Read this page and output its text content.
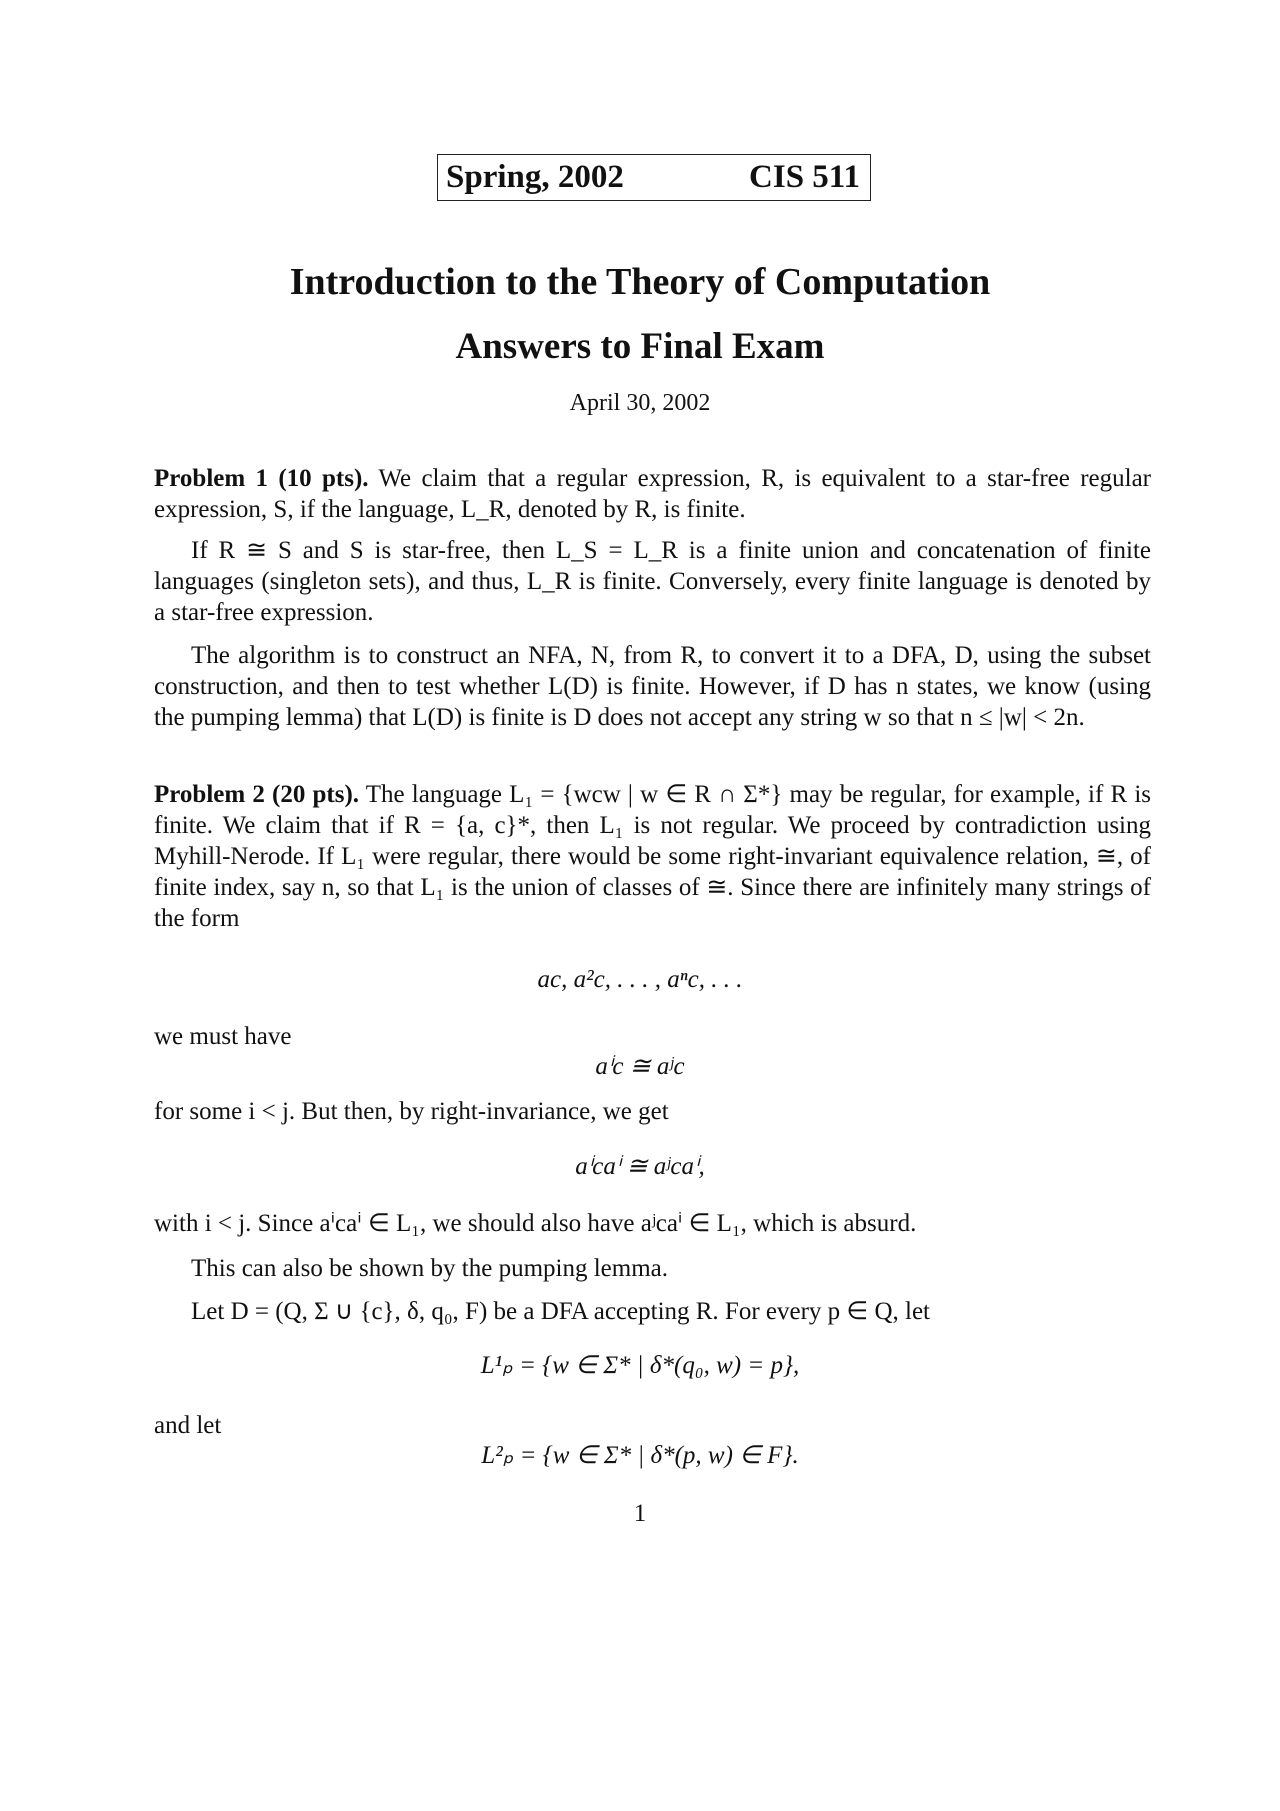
Spring, 2002	CIS 511
Introduction to the Theory of Computation
Answers to Final Exam
April 30, 2002

Problem 1 (10 pts). We claim that a regular expression, R, is equivalent to a star-free regular expression, S, if the language, L_R, denoted by R, is finite.

If R ≅ S and S is star-free, then L_S = L_R is a finite union and concatenation of finite languages (singleton sets), and thus, L_R is finite. Conversely, every finite language is denoted by a star-free expression.

The algorithm is to construct an NFA, N, from R, to convert it to a DFA, D, using the subset construction, and then to test whether L(D) is finite. However, if D has n states, we know (using the pumping lemma) that L(D) is finite is D does not accept any string w so that n ≤ |w| < 2n.

Problem 2 (20 pts). The language L₁ = {wcw | w ∈ R ∩ Σ*} may be regular, for example, if R is finite. We claim that if R = {a, c}*, then L₁ is not regular. We proceed by contradiction using Myhill-Nerode. If L₁ were regular, there would be some right-invariant equivalence relation, ≅, of finite index, say n, so that L₁ is the union of classes of ≅. Since there are infinitely many strings of the form

ac, a²c, . . . , aⁿc, . . .
we must have
aⁱc ≅ aʲc
for some i < j. But then, by right-invariance, we get
aⁱcaⁱ ≅ aʲcaⁱ,
with i < j. Since aⁱcaⁱ ∈ L₁, we should also have aʲcaⁱ ∈ L₁, which is absurd.
This can also be shown by the pumping lemma.
Let D = (Q, Σ ∪ {c}, δ, q₀, F) be a DFA accepting R. For every p ∈ Q, let
L¹ₚ = {w ∈ Σ* | δ*(q₀, w) = p},
and let
L²ₚ = {w ∈ Σ* | δ*(p, w) ∈ F}.
1
